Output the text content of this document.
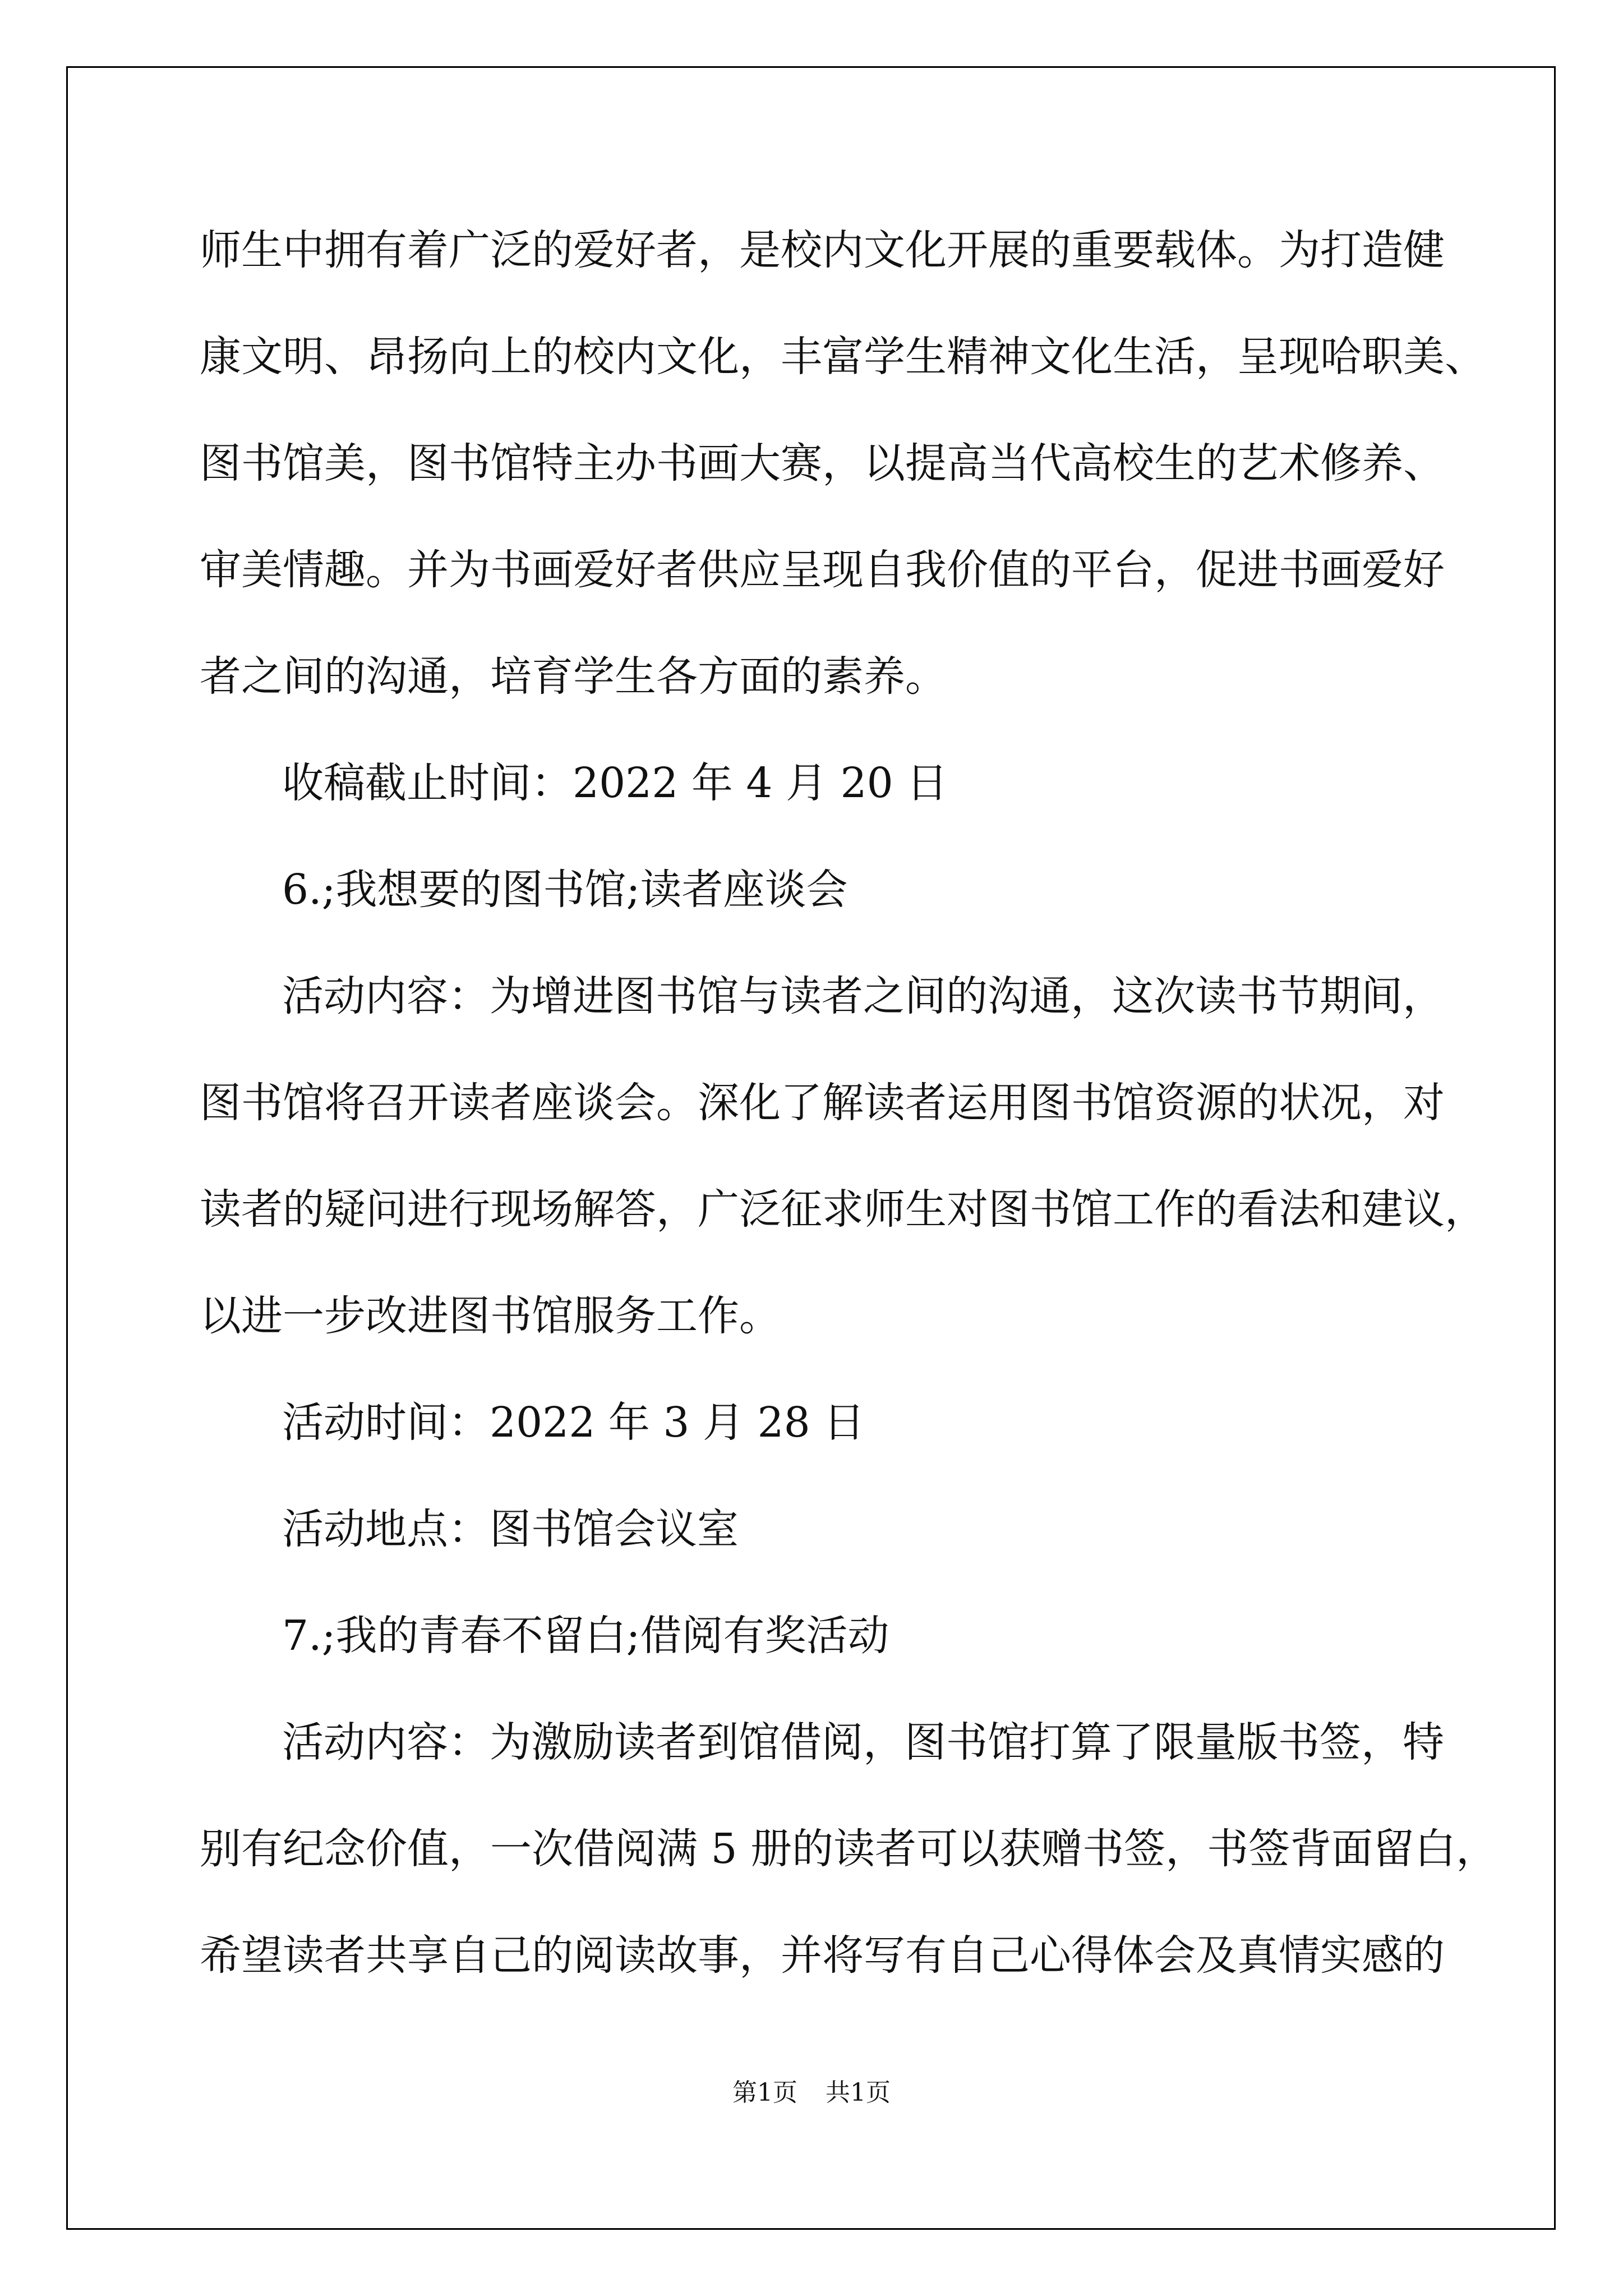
师生中拥有着广泛的爱好者，是校内文化开展的重要载体。为打造健

康文明、昂扬向上的校内文化，丰富学生精神文化生活，呈现哈职美、

图书馆美，图书馆特主办书画大赛，以提高当代高校生的艺术修养、

审美情趣。并为书画爱好者供应呈现自我价值的平台，促进书画爱好

者之间的沟通，培育学生各方面的素养。

收稿截止时间：2022 年 4 月 20 日

6.;我想要的图书馆;读者座谈会

活动内容：为增进图书馆与读者之间的沟通，这次读书节期间，

图书馆将召开读者座谈会。深化了解读者运用图书馆资源的状况，对

读者的疑问进行现场解答，广泛征求师生对图书馆工作的看法和建议，

以进一步改进图书馆服务工作。

活动时间：2022 年 3 月 28 日

活动地点：图书馆会议室

7.;我的青春不留白;借阅有奖活动

活动内容：为激励读者到馆借阅，图书馆打算了限量版书签，特

别有纪念价值，一次借阅满 5 册的读者可以获赠书签，书签背面留白，

希望读者共享自己的阅读故事，并将写有自己心得体会及真情实感的

第1页 共1页
